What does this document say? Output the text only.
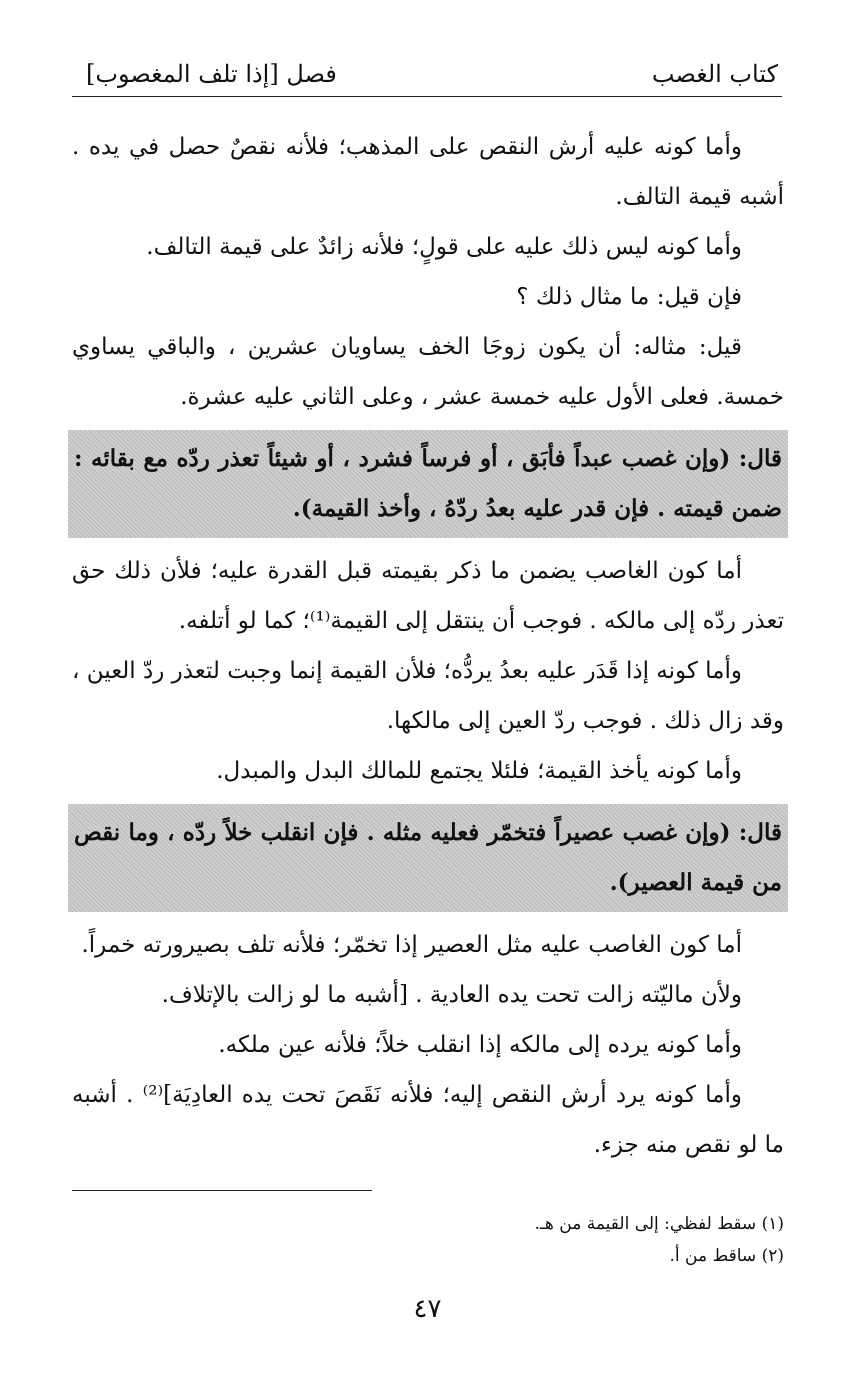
كتاب الغصب
فصل [إذا تلف المغصوب]

وأما كونه عليه أرش النقص على المذهب؛ فلأنه نقصٌ حصل في يده . أشبه قيمة التالف.

وأما كونه ليس ذلك عليه على قولٍ؛ فلأنه زائدٌ على قيمة التالف.

فإن قيل: ما مثال ذلك ؟

قيل: مثاله: أن يكون زوجَا الخف يساويان عشرين ، والباقي يساوي خمسة. فعلى الأول عليه خمسة عشر ، وعلى الثاني عليه عشرة.

قال: (وإن غصب عبداً فأبَق ، أو فرساً فشرد ، أو شيئاً تعذر ردّه مع بقائه : ضمن قيمته . فإن قدر عليه بعدُ ردّهُ ، وأخذ القيمة).

أما كون الغاصب يضمن ما ذكر بقيمته قبل القدرة عليه؛ فلأن ذلك حق تعذر ردّه إلى مالكه . فوجب أن ينتقل إلى القيمة⁽¹⁾؛ كما لو أتلفه.

وأما كونه إذا قَدَر عليه بعدُ يردُّه؛ فلأن القيمة إنما وجبت لتعذر ردّ العين ، وقد زال ذلك . فوجب ردّ العين إلى مالكها.

وأما كونه يأخذ القيمة؛ فلئلا يجتمع للمالك البدل والمبدل.

قال: (وإن غصب عصيراً فتخمّر فعليه مثله . فإن انقلب خلاً ردّه ، وما نقص من قيمة العصير).

أما كون الغاصب عليه مثل العصير إذا تخمّر؛ فلأنه تلف بصيرورته خمراً.

ولأن ماليّته زالت تحت يده العادية . [أشبه ما لو زالت بالإتلاف.

وأما كونه يرده إلى مالكه إذا انقلب خلاً؛ فلأنه عين ملكه.

وأما كونه يرد أرش النقص إليه؛ فلأنه نَقَصَ تحت يده العادِيَة]⁽²⁾ . أشبه ما لو نقص منه جزء.

(١) سقط لفظي: إلى القيمة من هـ.
(٢) ساقط من أ.
٤٧
